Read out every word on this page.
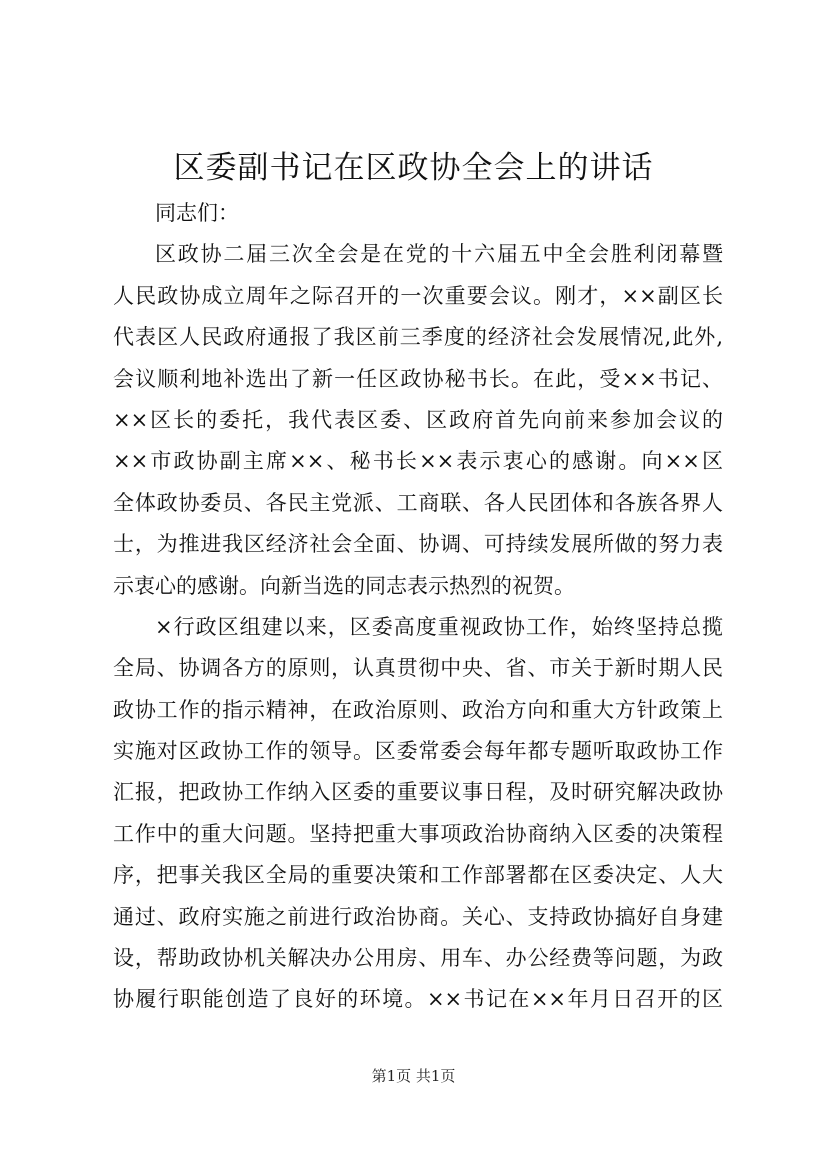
区委副书记在区政协全会上的讲话
同志们：
区政协二届三次全会是在党的十六届五中全会胜利闭幕暨
人民政协成立周年之际召开的一次重要会议。刚才，××副区长
代表区人民政府通报了我区前三季度的经济社会发展情况,此外,
会议顺利地补选出了新一任区政协秘书长。在此，受××书记、
××区长的委托，我代表区委、区政府首先向前来参加会议的
××市政协副主席××、秘书长××表示衷心的感谢。向××区
全体政协委员、各民主党派、工商联、各人民团体和各族各界人
士，为推进我区经济社会全面、协调、可持续发展所做的努力表
示衷心的感谢。向新当选的同志表示热烈的祝贺。
×行政区组建以来，区委高度重视政协工作，始终坚持总揽
全局、协调各方的原则，认真贯彻中央、省、市关于新时期人民
政协工作的指示精神，在政治原则、政治方向和重大方针政策上
实施对区政协工作的领导。区委常委会每年都专题听取政协工作
汇报，把政协工作纳入区委的重要议事日程，及时研究解决政协
工作中的重大问题。坚持把重大事项政治协商纳入区委的决策程
序，把事关我区全局的重要决策和工作部署都在区委决定、人大
通过、政府实施之前进行政治协商。关心、支持政协搞好自身建
设，帮助政协机关解决办公用房、用车、办公经费等问题，为政
协履行职能创造了良好的环境。××书记在××年月日召开的区
第1页 共1页
